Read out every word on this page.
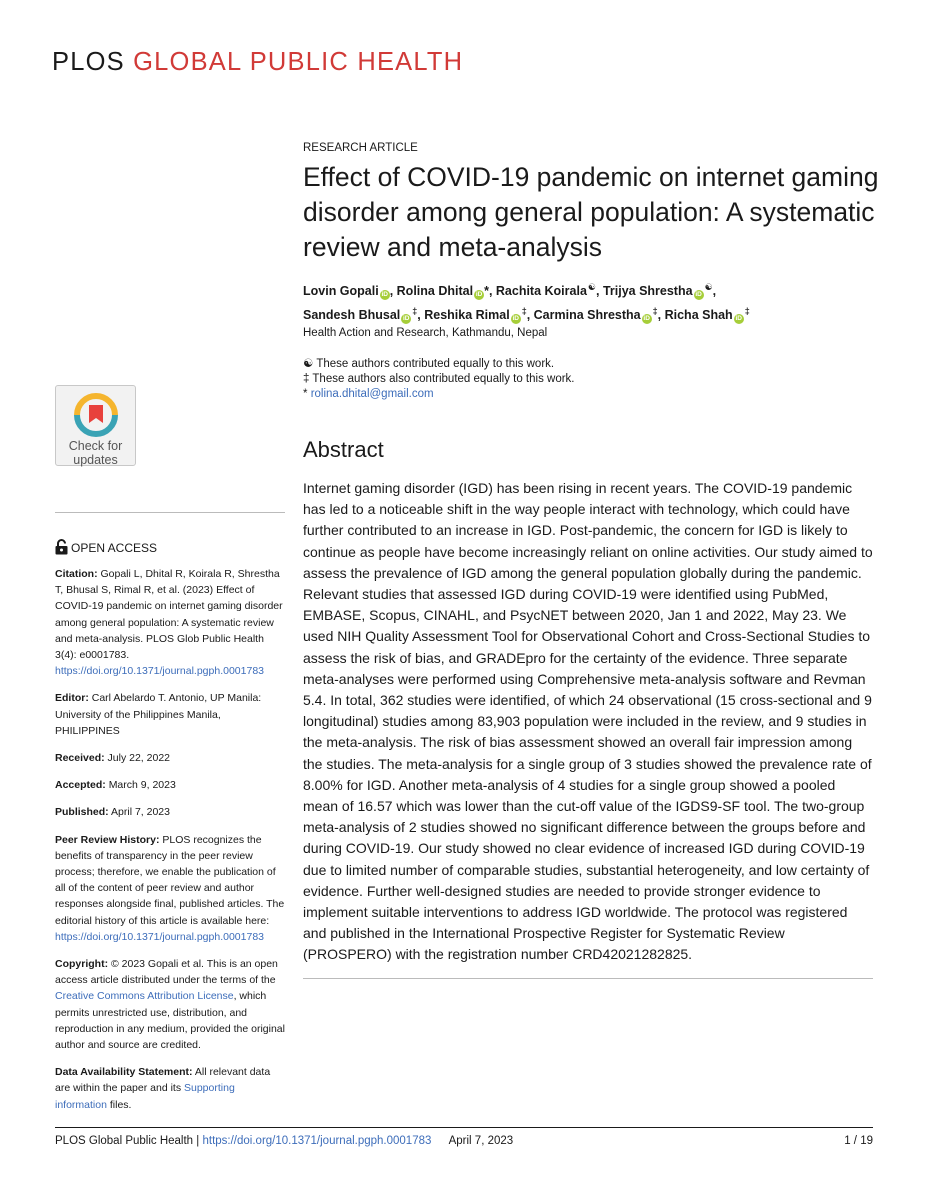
PLOS GLOBAL PUBLIC HEALTH
RESEARCH ARTICLE
Effect of COVID-19 pandemic on internet gaming disorder among general population: A systematic review and meta-analysis
Lovin Gopali iD , Rolina Dhital iD *, Rachita Koirala☯, Trijya Shrestha iD☯,
Sandesh Bhusal iD‡, Reshika Rimal iD‡, Carmina Shrestha iD‡, Richa Shah iD‡
Health Action and Research, Kathmandu, Nepal
☯ These authors contributed equally to this work.
‡ These authors also contributed equally to this work.
* rolina.dhital@gmail.com
Abstract

Internet gaming disorder (IGD) has been rising in recent years. The COVID-19 pandemic has led to a noticeable shift in the way people interact with technology, which could have further contributed to an increase in IGD. Post-pandemic, the concern for IGD is likely to continue as people have become increasingly reliant on online activities. Our study aimed to assess the prevalence of IGD among the general population globally during the pandemic. Relevant studies that assessed IGD during COVID-19 were identified using PubMed, EMBASE, Scopus, CINAHL, and PsycNET between 2020, Jan 1 and 2022, May 23. We used NIH Quality Assessment Tool for Observational Cohort and Cross-Sectional Studies to assess the risk of bias, and GRADEpro for the certainty of the evidence. Three separate meta-analyses were performed using Comprehensive meta-analysis software and Revman 5.4. In total, 362 studies were identified, of which 24 observational (15 cross-sectional and 9 longitudinal) studies among 83,903 population were included in the review, and 9 studies in the meta-analysis. The risk of bias assessment showed an overall fair impression among the studies. The meta-analysis for a single group of 3 studies showed the prevalence rate of 8.00% for IGD. Another meta-analysis of 4 studies for a single group showed a pooled mean of 16.57 which was lower than the cut-off value of the IGDS9-SF tool. The two-group meta-analysis of 2 studies showed no significant difference between the groups before and during COVID-19. Our study showed no clear evidence of increased IGD during COVID-19 due to limited number of comparable studies, substantial heterogeneity, and low certainty of evidence. Further well-designed studies are needed to provide stronger evidence to implement suitable interventions to address IGD worldwide. The protocol was registered and published in the International Prospective Register for Systematic Review (PROSPERO) with the registration number CRD42021282825.

Check for
updates
OPEN ACCESS

Citation: Gopali L, Dhital R, Koirala R, Shrestha T, Bhusal S, Rimal R, et al. (2023) Effect of COVID-19 pandemic on internet gaming disorder among general population: A systematic review and meta-analysis. PLOS Glob Public Health 3(4): e0001783. https://doi.org/10.1371/journal.pgph.0001783

Editor: Carl Abelardo T. Antonio, UP Manila: University of the Philippines Manila, PHILIPPINES

Received: July 22, 2022

Accepted: March 9, 2023

Published: April 7, 2023

Peer Review History: PLOS recognizes the benefits of transparency in the peer review process; therefore, we enable the publication of all of the content of peer review and author responses alongside final, published articles. The editorial history of this article is available here: https://doi.org/10.1371/journal.pgph.0001783

Copyright: © 2023 Gopali et al. This is an open access article distributed under the terms of the Creative Commons Attribution License, which permits unrestricted use, distribution, and reproduction in any medium, provided the original author and source are credited.

Data Availability Statement: All relevant data are within the paper and its Supporting information files.

PLOS Global Public Health | https://doi.org/10.1371/journal.pgph.0001783 April 7, 2023	1 / 19
